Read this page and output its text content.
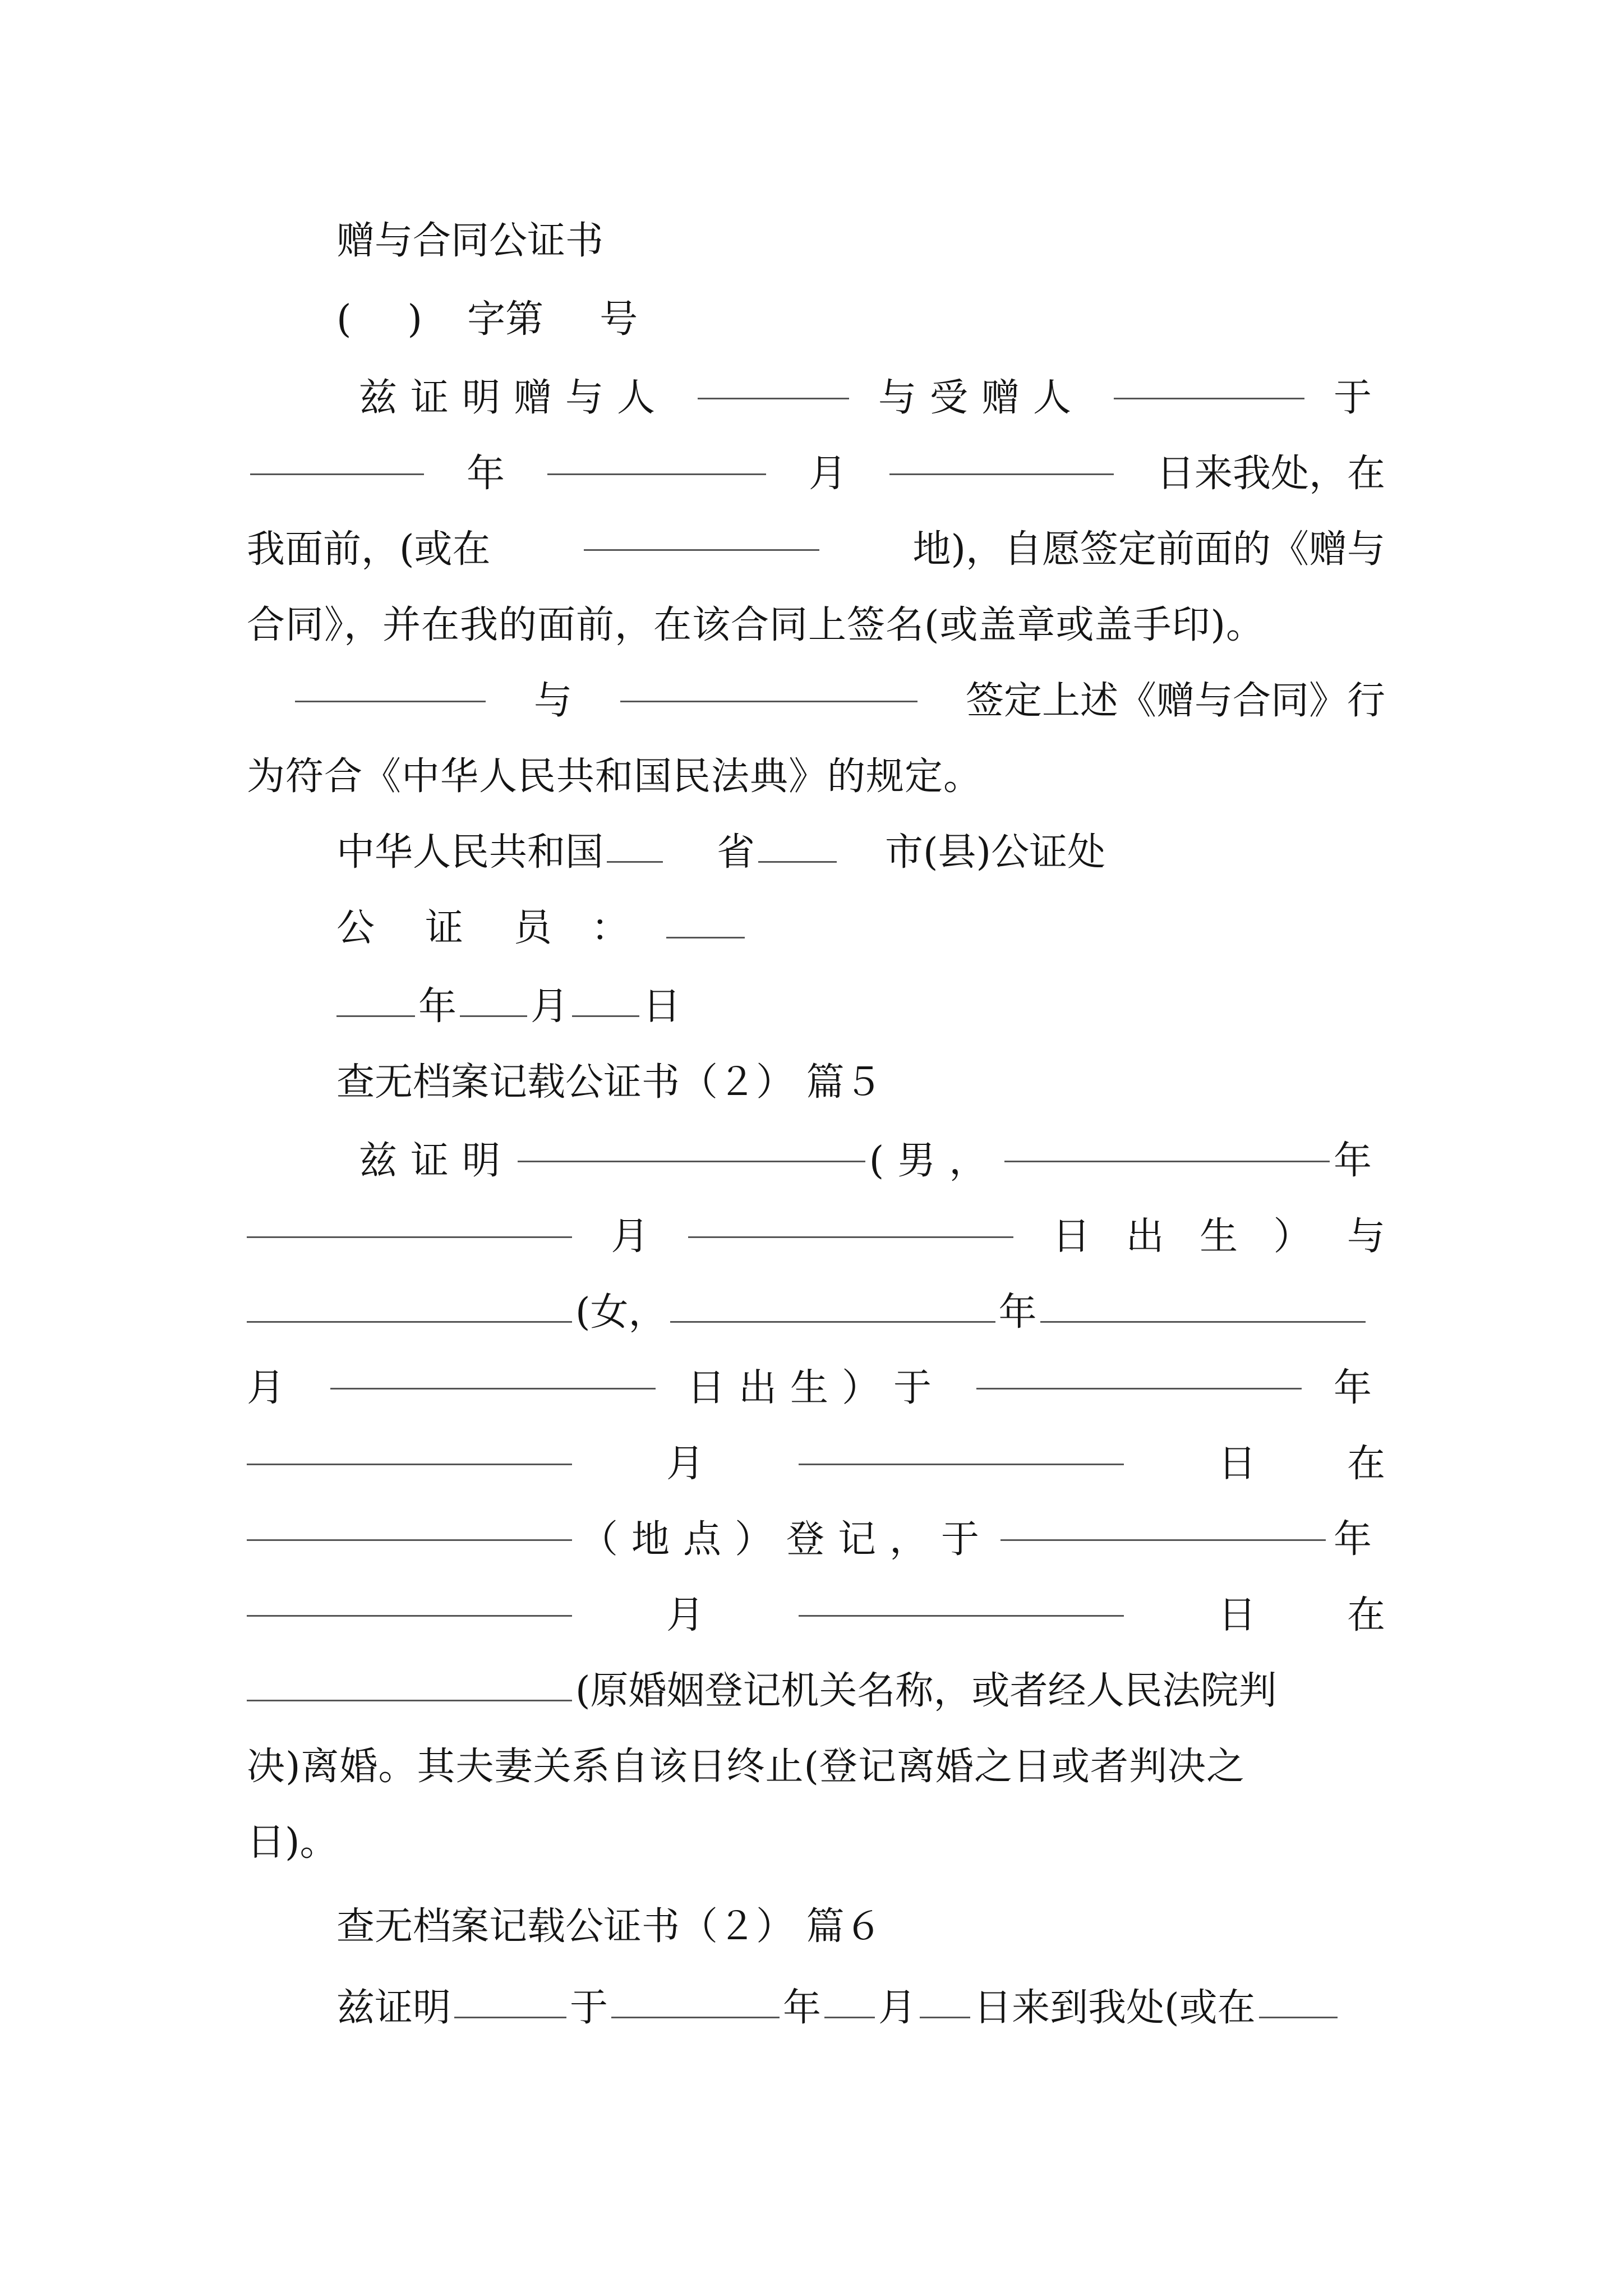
赠与合同公证书
( ) 字第 号
兹证明赠与人	与受赠人	于
年	月	日来我处，在
我面前，(或在	地)，自愿签定前面的《赠与
合同》，并在我的面前，在该合同上签名(或盖章或盖手印)。
与	签定上述《赠与合同》行
为符合《中华人民共和国民法典》的规定。
中华人民共和国	省	市(县)公证处
公 证 员 ：
年 月 日
查无档案记载公证书（２） 篇５
兹证明	(男，	年
月	日 出 生 ） 与
(女，	年
月	日出生）于	年
月	日 在
（地点）登记，于	年
月	日 在
(原婚姻登记机关名称，或者经人民法院判
决)离婚。其夫妻关系自该日终止(登记离婚之日或者判决之
日)。
查无档案记载公证书（２） 篇６
兹证明	于	年 月 日来到我处(或在
